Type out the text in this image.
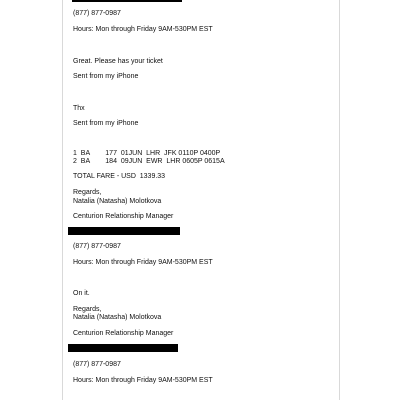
(877) 877-0987
Hours: Mon through Friday 9AM-530PM EST
Great. Please has your ticket
Sent from my iPhone
Thx
Sent from my iPhone
1  BA        177  01JUN  LHR  JFK 0110P 0400P
2  BA        184  09JUN  EWR  LHR 0605P 0615A
TOTAL FARE - USD  1339.33
Regards,
Natalia (Natasha) Molotkova
Centurion Relationship Manager
(877) 877-0987
Hours: Mon through Friday 9AM-530PM EST
On it.
Regards,
Natalia (Natasha) Molotkova
Centurion Relationship Manager
(877) 877-0987
Hours: Mon through Friday 9AM-530PM EST
